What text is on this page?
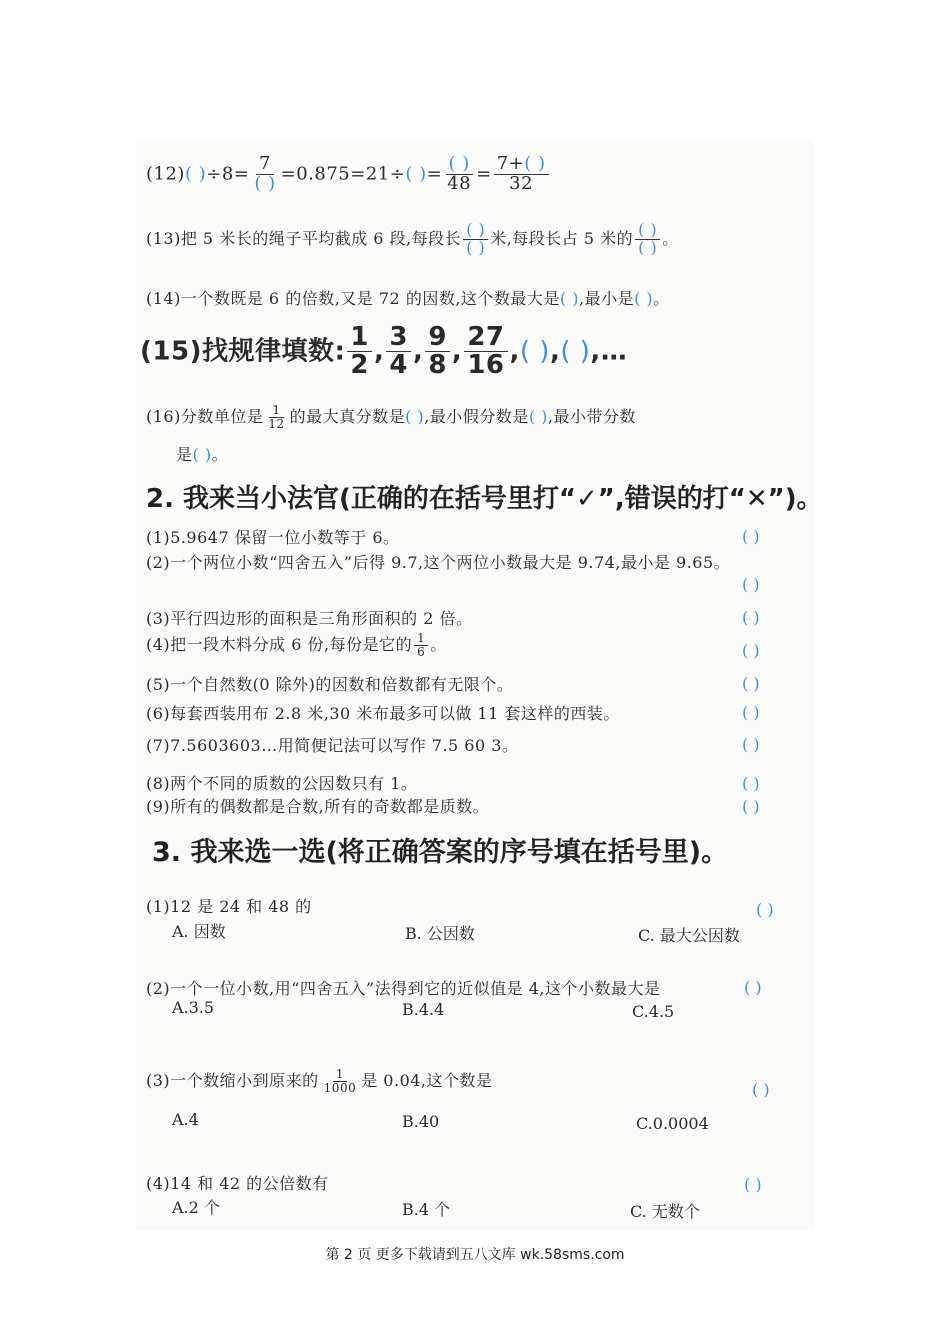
(12)( )$\div 8= \frac{7}{( )} =0.875=21\div$( )= $\frac{( )}{48} = \frac{7+( )}{32}$
(13)把 5 米长的绳子平均截成 6 段,每段长 $\frac{( )}{( )}$ 米,每段长占 5 米的 $\frac{( )}{( )}$ 。
(14)一个数既是 6 的倍数,又是 72 的因数,这个数最大是( ),最小是( )。
(15)找规律填数: $\frac{1}{2}$ , $\frac{3}{4}$ , $\frac{9}{8}$ , $\frac{27}{16}$ ,( ),( ),…
(16)分数单位是 $\frac{1}{12}$ 的最大真分数是( ),最小假分数是( ),最小带分数
是( )。
2. 我来当小法官(正确的在括号里打“✓”,错误的打“✕”)。
(1)5.9647 保留一位小数等于 6。	( )
(2)一个两位小数“四舍五入”后得 9.7,这个两位小数最大是 9.74,最小是 9.65。
( )
(3)平行四边形的面积是三角形面积的 2 倍。	( )
(4)把一段木料分成 6 份,每份是它的 $\frac{1}{6}$ 。	( )
(5)一个自然数(0 除外)的因数和倍数都有无限个。	( )
(6)每套西装用布 2.8 米,30 米布最多可以做 11 套这样的西装。	( )
(7)7.5603603…用简便记法可以写作 7.5 60 3。	( )
(8)两个不同的质数的公因数只有 1。	( )
(9)所有的偶数都是合数,所有的奇数都是质数。	( )
3. 我来选一选(将正确答案的序号填在括号里)。
(1)12 是 24 和 48 的	( )
A. 因数	B. 公因数	C. 最大公因数
(2)一个一位小数,用“四舍五入”法得到它的近似值是 4,这个小数最大是	( )
A.3.5	B.4.4	C.4.5
(3)一个数缩小到原来的 $\frac{1}{1000}$ 是 0.04,这个数是	( )
A.4	B.40	C.0.0004
(4)14 和 42 的公倍数有	( )
A.2 个	B.4 个	C. 无数个
第 2 页 更多下载请到五八文库 wk.58sms.com
